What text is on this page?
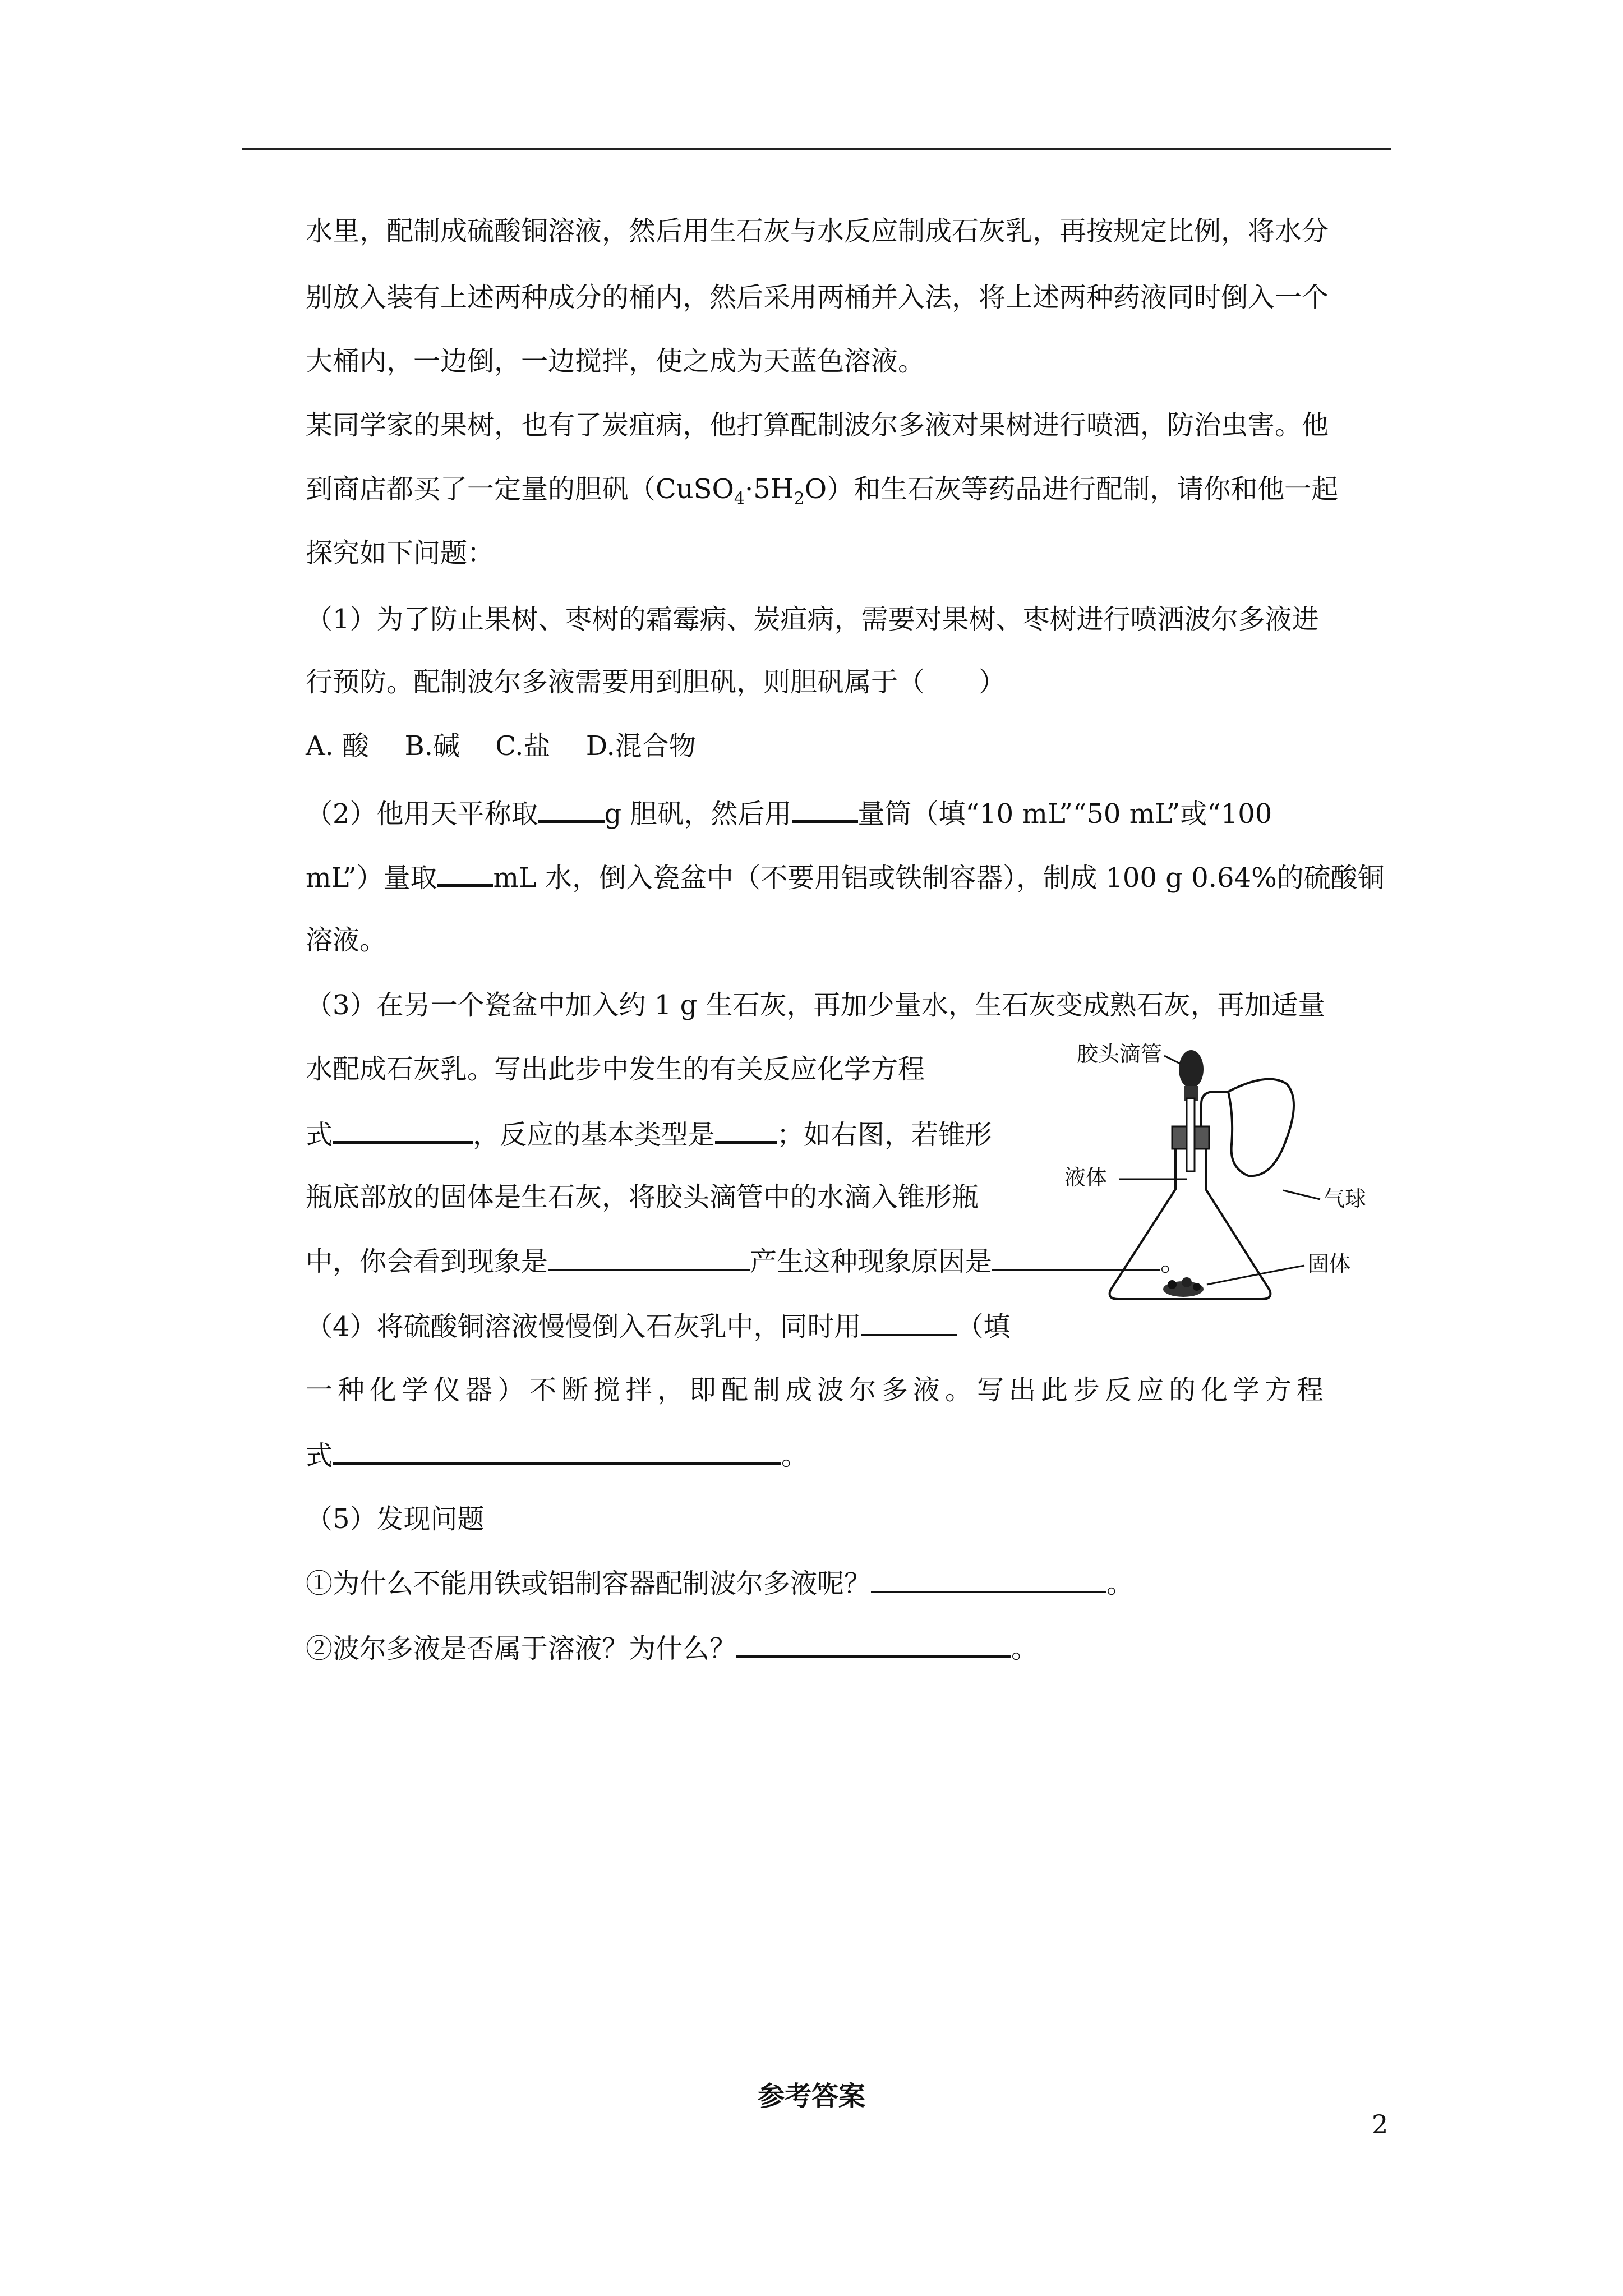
水里，配制成硫酸铜溶液，然后用生石灰与水反应制成石灰乳，再按规定比例，将水分
别放入装有上述两种成分的桶内，然后采用两桶并入法，将上述两种药液同时倒入一个
大桶内，一边倒，一边搅拌，使之成为天蓝色溶液。
某同学家的果树，也有了炭疽病，他打算配制波尔多液对果树进行喷洒，防治虫害。他
到商店都买了一定量的胆矾$(CuSO_4\cdot 5H_2O)$和生石灰等药品进行配制，请你和他一起
探究如下问题：
（1）为了防止果树、枣树的霜霉病、炭疽病，需要对果树、枣树进行喷洒波尔多液进
行预防。配制波尔多液需要用到胆矾，则胆矾属于（　　）
A. 酸　 B.碱　 C.盐　 D.混合物
（2）他用天平称取 g 胆矾，然后用 量筒（填“10 mL”“50 mL”或“100
mL”）量取 mL 水，倒入瓷盆中（不要用铝或铁制容器），制成 100 g 0.64%的硫酸铜
溶液。
（3）在另一个瓷盆中加入约 1 g 生石灰，再加少量水，生石灰变成熟石灰，再加适量
水配成石灰乳。写出此步中发生的有关反应化学方程
式	，反应的基本类型是 ；如右图，若锥形
瓶底部放的固体是生石灰，将胶头滴管中的水滴入锥形瓶
中，你会看到现象是	产生这种现象原因是	。
胶头滴管
气球
液体
固体
（4）将硫酸铜溶液慢慢倒入石灰乳中，同时用	（填
一种化学仪器）不断搅拌，即配制成波尔多液。写出此步反应的化学方程
式	。
（5）发现问题
①为什么不能用铁或铝制容器配制波尔多液呢？	。
②波尔多液是否属于溶液？为什么？	。
参考答案
2
